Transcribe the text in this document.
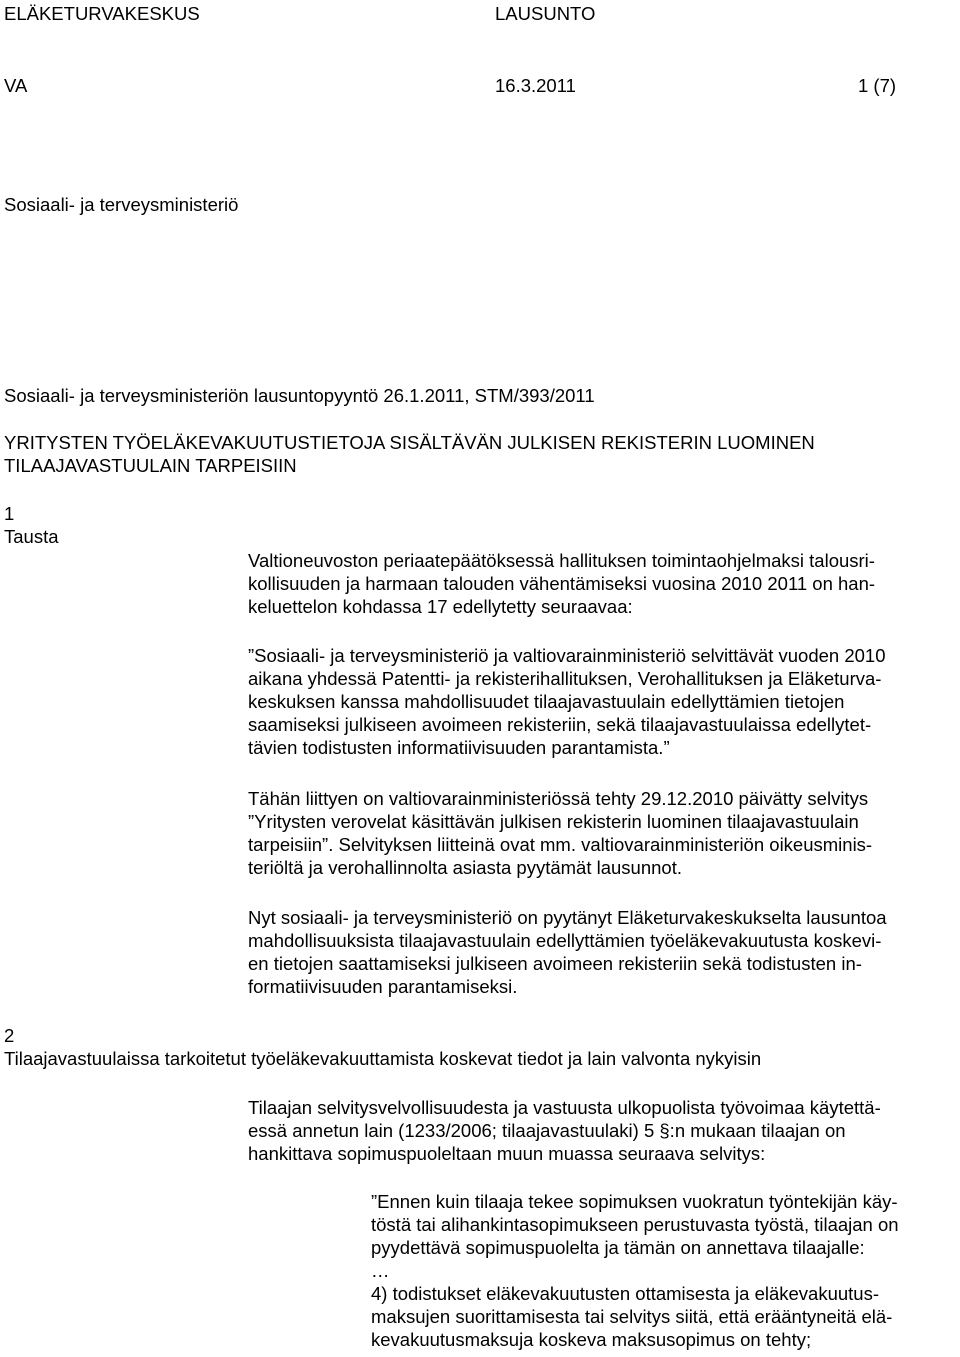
ELÄKETURVAKESKUS	LAUSUNTO
VA	16.3.2011	1 (7)
Sosiaali- ja terveysministeriö
Sosiaali- ja terveysministeriön lausuntopyyntö 26.1.2011, STM/393/2011
YRITYSTEN TYÖELÄKEVAKUUTUSTIETOJA SISÄLTÄVÄN JULKISEN REKISTERIN LUOMINEN
TILAAJAVASTUULAIN TARPEISIIN
1
Tausta
Valtioneuvoston periaatepäätöksessä hallituksen toimintaohjelmaksi talousri-
kollisuuden ja harmaan talouden vähentämiseksi vuosina 2010 2011 on han-
keluettelon kohdassa 17 edellytetty seuraavaa:
”Sosiaali- ja terveysministeriö ja valtiovarainministeriö selvittävät vuoden 2010
aikana yhdessä Patentti- ja rekisterihallituksen, Verohallituksen ja Eläketurva-
keskuksen kanssa mahdollisuudet tilaajavastuulain edellyttämien tietojen
saamiseksi julkiseen avoimeen rekisteriin, sekä tilaajavastuulaissa edellytet-
tävien todistusten informatiivisuuden parantamista.”
Tähän liittyen on valtiovarainministeriössä tehty 29.12.2010 päivätty selvitys
”Yritysten verovelat käsittävän julkisen rekisterin luominen tilaajavastuulain
tarpeisiin”. Selvityksen liitteinä ovat mm. valtiovarainministeriön oikeusminis-
teriöltä ja verohallinnolta asiasta pyytämät lausunnot.
Nyt sosiaali- ja terveysministeriö on pyytänyt Eläketurvakeskukselta lausuntoa
mahdollisuuksista tilaajavastuulain edellyttämien työeläkevakuutusta koskevi-
en tietojen saattamiseksi julkiseen avoimeen rekisteriin sekä todistusten in-
formatiivisuuden parantamiseksi.
2
Tilaajavastuulaissa tarkoitetut työeläkevakuuttamista koskevat tiedot ja lain valvonta nykyisin
Tilaajan selvitysvelvollisuudesta ja vastuusta ulkopuolista työvoimaa käytettä-
essä annetun lain (1233/2006; tilaajavastuulaki) 5 §:n mukaan tilaajan on
hankittava sopimuspuoleltaan muun muassa seuraava selvitys:
”Ennen kuin tilaaja tekee sopimuksen vuokratun työntekijän käy-
töstä tai alihankintasopimukseen perustuvasta työstä, tilaajan on
pyydettävä sopimuspuolelta ja tämän on annettava tilaajalle:
…
4) todistukset eläkevakuutusten ottamisesta ja eläkevakuutus-
maksujen suorittamisesta tai selvitys siitä, että erääntyneitä elä-
kevakuutusmaksuja koskeva maksusopimus on tehty;
